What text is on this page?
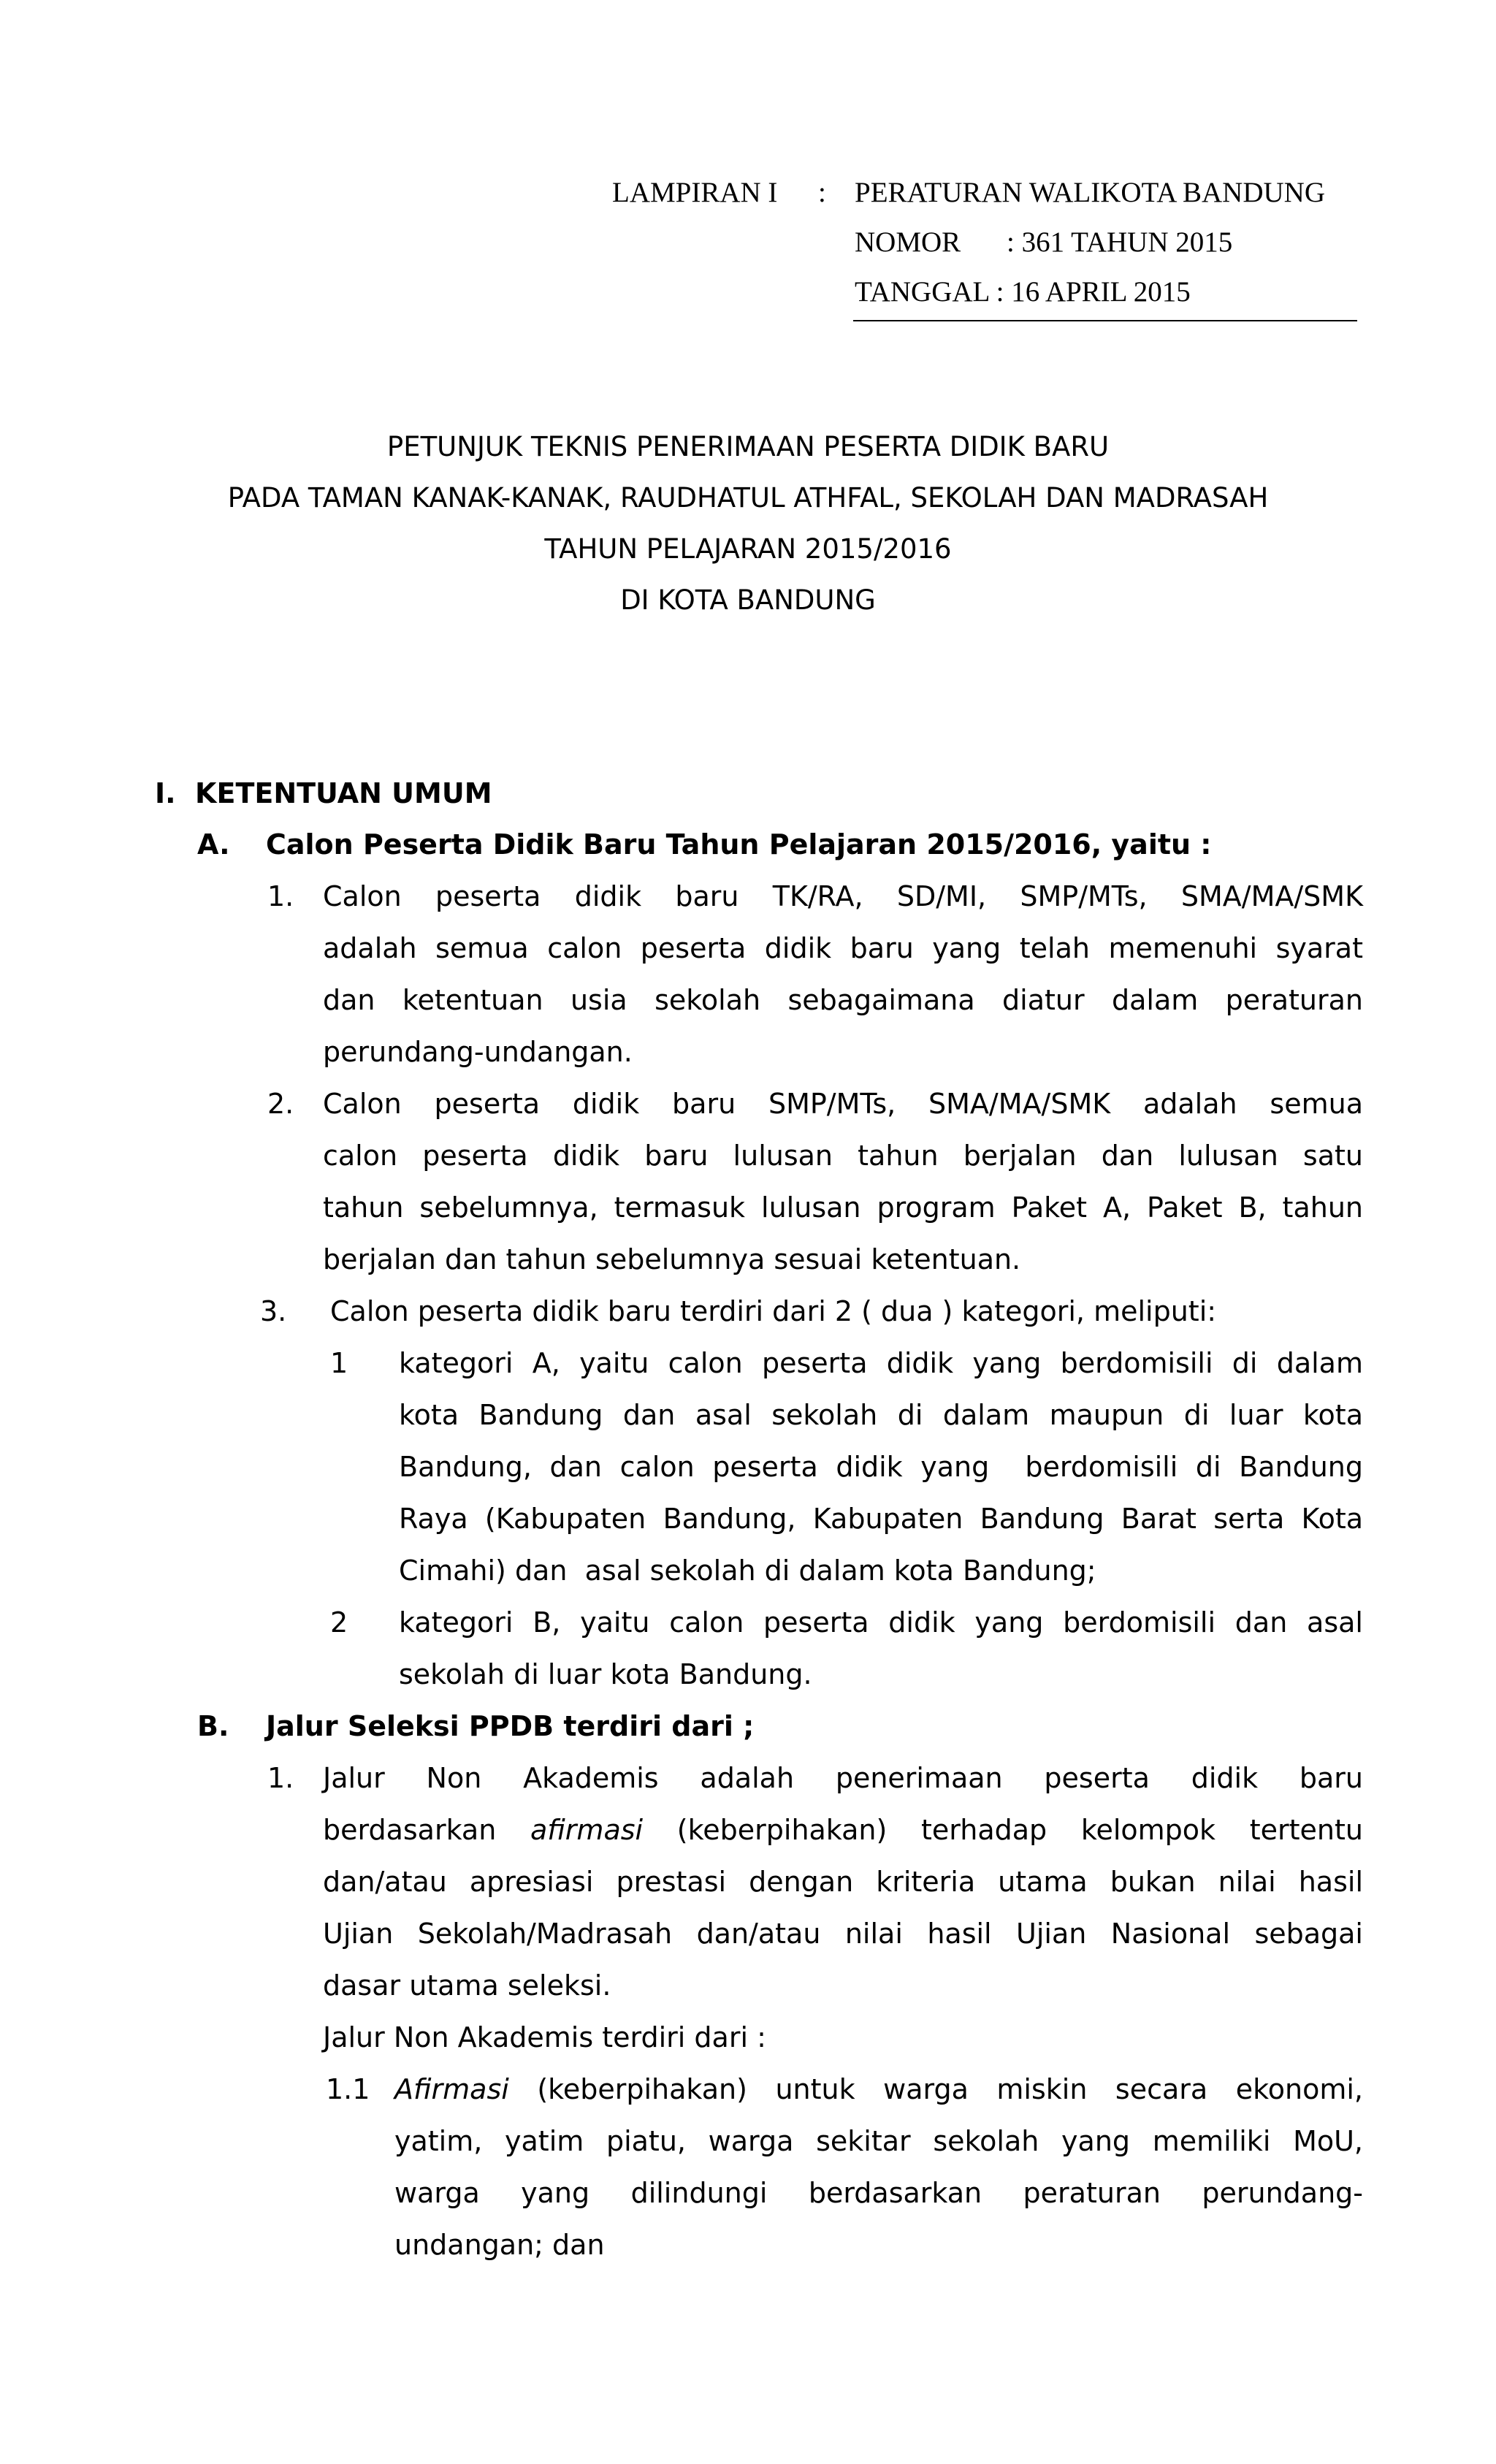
LAMPIRAN I : PERATURAN WALIKOTA BANDUNG
NOMOR : 361 TAHUN 2015
TANGGAL : 16 APRIL 2015
PETUNJUK TEKNIS PENERIMAAN PESERTA DIDIK BARU
PADA TAMAN KANAK-KANAK, RAUDHATUL ATHFAL, SEKOLAH DAN MADRASAH
TAHUN PELAJARAN 2015/2016
DI KOTA BANDUNG
I.  KETENTUAN UMUM
A. Calon Peserta Didik Baru Tahun Pelajaran 2015/2016, yaitu :
1. Calon peserta didik baru TK/RA, SD/MI, SMP/MTs, SMA/MA/SMK
adalah semua calon peserta didik baru yang telah memenuhi syarat
dan ketentuan usia sekolah sebagaimana diatur dalam peraturan
perundang-undangan.
2. Calon peserta didik baru SMP/MTs, SMA/MA/SMK adalah semua
calon peserta didik baru lulusan tahun berjalan dan lulusan satu
tahun sebelumnya, termasuk lulusan program Paket A, Paket B, tahun
berjalan dan tahun sebelumnya sesuai ketentuan.
3. Calon peserta didik baru terdiri dari 2 ( dua ) kategori, meliputi:
1 kategori A, yaitu calon peserta didik yang berdomisili di dalam
kota Bandung dan asal sekolah di dalam maupun di luar kota
Bandung, dan calon peserta didik yang  berdomisili di Bandung
Raya (Kabupaten Bandung, Kabupaten Bandung Barat serta Kota
Cimahi) dan  asal sekolah di dalam kota Bandung;
2 kategori B, yaitu calon peserta didik yang berdomisili dan asal
sekolah di luar kota Bandung.
B. Jalur Seleksi PPDB terdiri dari ;
1. Jalur Non Akademis adalah penerimaan peserta didik baru
berdasarkan afirmasi (keberpihakan) terhadap kelompok tertentu
dan/atau apresiasi prestasi dengan kriteria utama bukan nilai hasil
Ujian Sekolah/Madrasah dan/atau nilai hasil Ujian Nasional sebagai
dasar utama seleksi.
Jalur Non Akademis terdiri dari :
1.1 Afirmasi (keberpihakan) untuk warga miskin secara ekonomi,
yatim, yatim piatu, warga sekitar sekolah yang memiliki MoU,
warga yang dilindungi berdasarkan peraturan perundang-
undangan; dan
